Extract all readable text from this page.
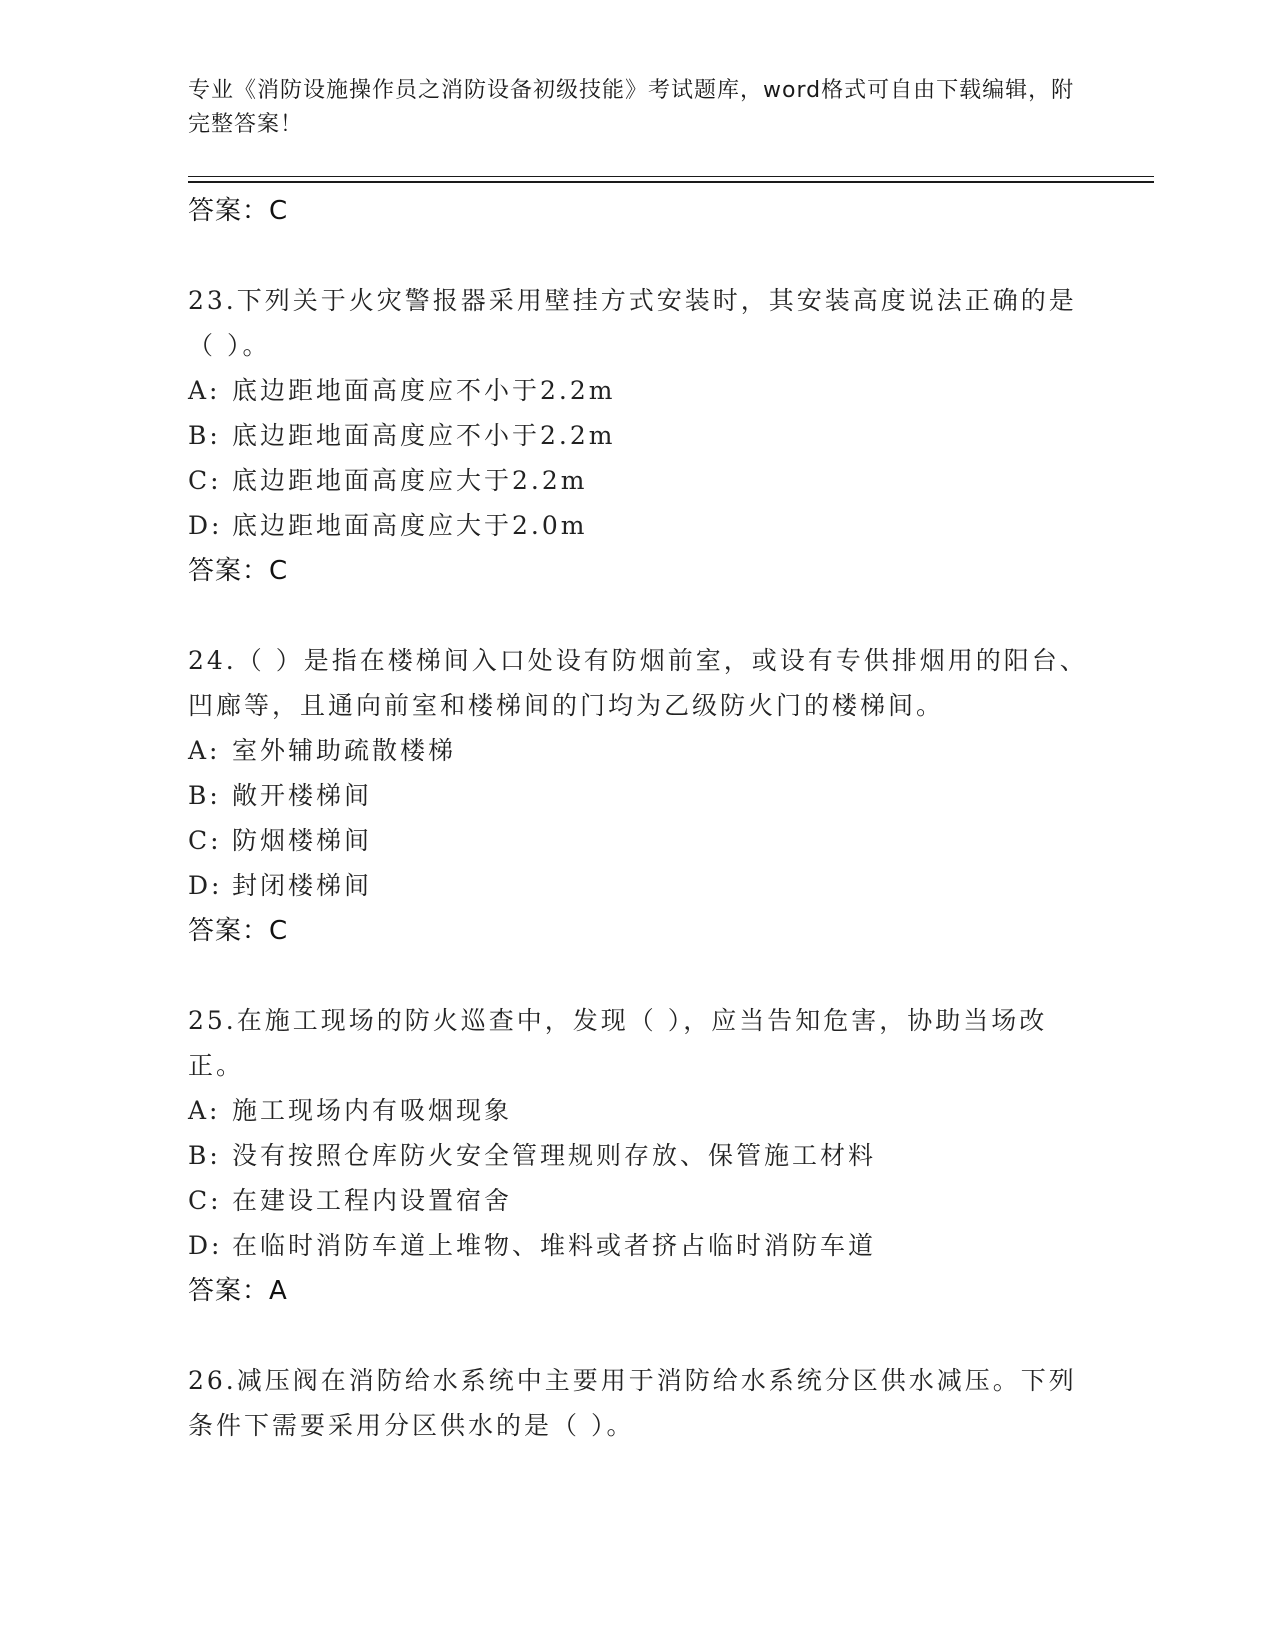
专业《消防设施操作员之消防设备初级技能》考试题库，word格式可自由下载编辑，附完整答案！
答案：C

23.下列关于火灾警报器采用壁挂方式安装时，其安装高度说法正确的是（ ）。

A: 底边距地面高度应不小于2.2m
B: 底边距地面高度应不小于2.2m
C: 底边距地面高度应大于2.2m
D: 底边距地面高度应大于2.0m
答案：C

24.（ ）是指在楼梯间入口处设有防烟前室，或设有专供排烟用的阳台、凹廊等，且通向前室和楼梯间的门均为乙级防火门的楼梯间。

A: 室外辅助疏散楼梯
B: 敞开楼梯间
C: 防烟楼梯间
D: 封闭楼梯间
答案：C

25.在施工现场的防火巡查中，发现（ ），应当告知危害，协助当场改正。

A: 施工现场内有吸烟现象
B: 没有按照仓库防火安全管理规则存放、保管施工材料
C: 在建设工程内设置宿舍
D: 在临时消防车道上堆物、堆料或者挤占临时消防车道
答案：A

26.减压阀在消防给水系统中主要用于消防给水系统分区供水减压。下列条件下需要采用分区供水的是（ ）。
